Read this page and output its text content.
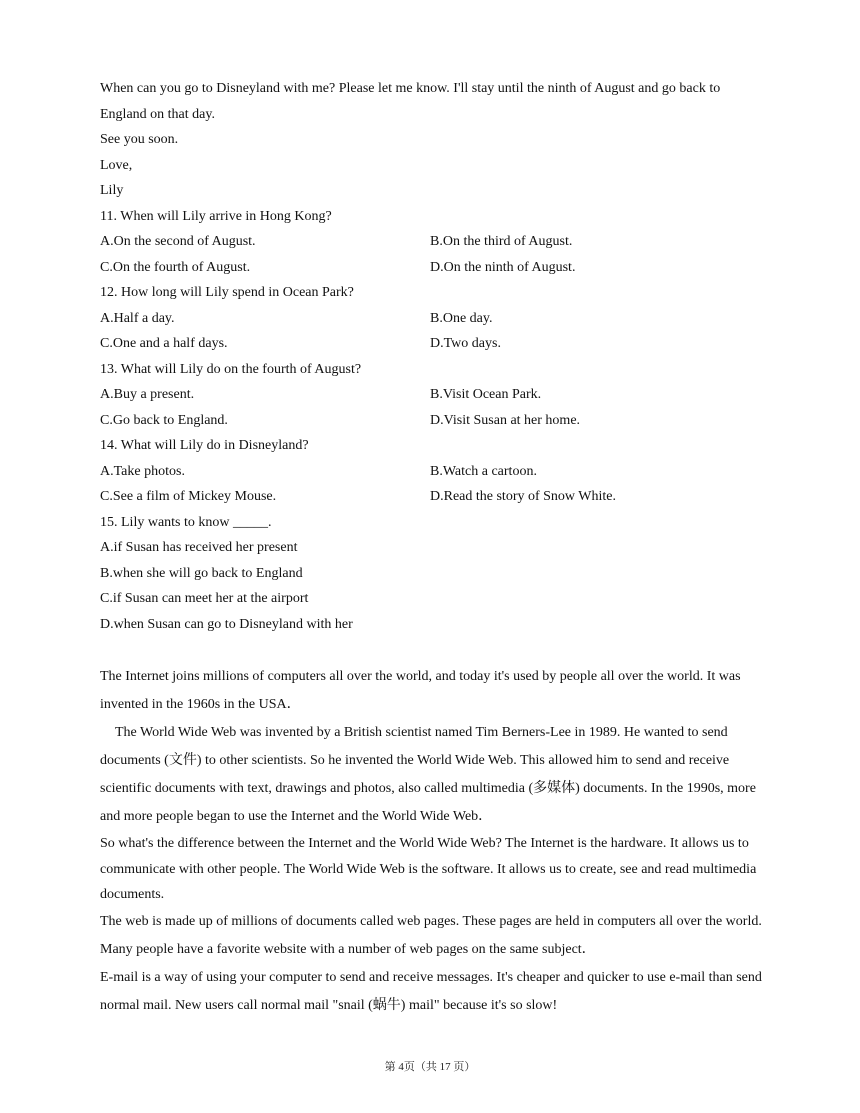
When can you go to Disneyland with me? Please let me know. I'll stay until the ninth of August and go back to
England on that day.
See you soon.
Love,
Lily
11. When will Lily arrive in Hong Kong?
A.On the second of August.	B.On the third of August.
C.On the fourth of August.	D.On the ninth of August.
12. How long will Lily spend in Ocean Park?
A.Half a day.	B.One day.
C.One and a half days.	D.Two days.
13. What will Lily do on the fourth of August?
A.Buy a present.	B.Visit Ocean Park.
C.Go back to England.	D.Visit Susan at her home.
14. What will Lily do in Disneyland?
A.Take photos.	B.Watch a cartoon.
C.See a film of Mickey Mouse.	D.Read the story of Snow White.
15. Lily wants to know _____.
A.if Susan has received her present
B.when she will go back to England
C.if Susan can meet her at the airport
D.when Susan can go to Disneyland with her

The Internet joins millions of computers all over the world, and today it's used by people all over the world. It was invented in the 1960s in the USA．

The World Wide Web was invented by a British scientist named Tim Berners-Lee in 1989. He wanted to send documents (文件) to other scientists. So he invented the World Wide Web. This allowed him to send and receive scientific documents with text, drawings and photos, also called multimedia (多媒体) documents. In the 1990s, more and more people began to use the Internet and the World Wide Web．

So what's the difference between the Internet and the World Wide Web? The Internet is the hardware. It allows us to communicate with other people. The World Wide Web is the software. It allows us to create, see and read multimedia documents.

The web is made up of millions of documents called web pages. These pages are held in computers all over the world. Many people have a favorite website with a number of web pages on the same subject．

E-mail is a way of using your computer to send and receive messages. It's cheaper and quicker to use e-mail than send normal mail. New users call normal mail "snail (蜗牛) mail" because it's so slow!

第 4页（共 17 页）
